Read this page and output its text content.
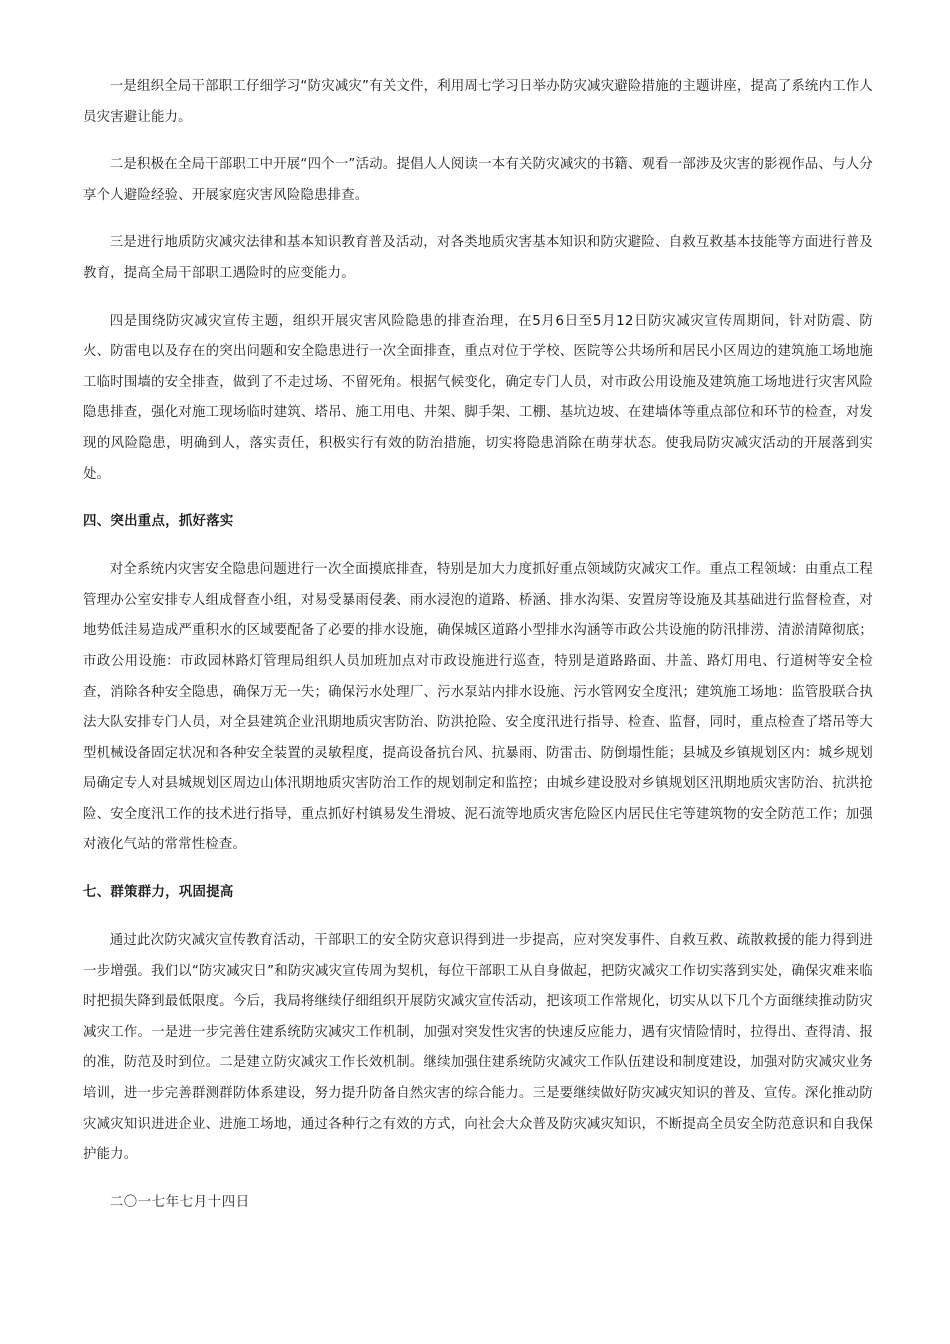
一是组织全局干部职工仔细学习“防灾减灾”有关文件，利用周七学习日举办防灾减灾避险措施的主题讲座，提高了系统内工作人员灾害避让能力。

二是积极在全局干部职工中开展“四个一”活动。提倡人人阅读一本有关防灾减灾的书籍、观看一部涉及灾害的影视作品、与人分享个人避险经验、开展家庭灾害风险隐患排查。

三是进行地质防灾减灾法律和基本知识教育普及活动，对各类地质灾害基本知识和防灾避险、自救互救基本技能等方面进行普及教育，提高全局干部职工遇险时的应变能力。

四是围绕防灾减灾宣传主题，组织开展灾害风险隐患的排查治理，在5月6日至5月12日防灾减灾宣传周期间，针对防震、防火、防雷电以及存在的突出问题和安全隐患进行一次全面排查，重点对位于学校、医院等公共场所和居民小区周边的建筑施工场地施工临时围墙的安全排查，做到了不走过场、不留死角。根据气候变化，确定专门人员，对市政公用设施及建筑施工场地进行灾害风险隐患排查，强化对施工现场临时建筑、塔吊、施工用电、井架、脚手架、工棚、基坑边坡、在建墙体等重点部位和环节的检查，对发现的风险隐患，明确到人，落实责任，积极实行有效的防治措施，切实将隐患消除在萌芽状态。使我局防灾减灾活动的开展落到实处。

四、突出重点，抓好落实

对全系统内灾害安全隐患问题进行一次全面摸底排查，特别是加大力度抓好重点领域防灾减灾工作。重点工程领域：由重点工程管理办公室安排专人组成督查小组，对易受暴雨侵袭、雨水浸泡的道路、桥涵、排水沟渠、安置房等设施及其基础进行监督检查，对地势低洼易造成严重积水的区域要配备了必要的排水设施，确保城区道路小型排水沟涵等市政公共设施的防汛排涝、清淤清障彻底；市政公用设施：市政园林路灯管理局组织人员加班加点对市政设施进行巡查，特别是道路路面、井盖、路灯用电、行道树等安全检查，消除各种安全隐患，确保万无一失；确保污水处理厂、污水泵站内排水设施、污水管网安全度汛；建筑施工场地：监管股联合执法大队安排专门人员，对全县建筑企业汛期地质灾害防治、防洪抢险、安全度汛进行指导、检查、监督，同时，重点检查了塔吊等大型机械设备固定状况和各种安全装置的灵敏程度，提高设备抗台风、抗暴雨、防雷击、防倒塌性能；县城及乡镇规划区内：城乡规划局确定专人对县城规划区周边山体汛期地质灾害防治工作的规划制定和监控；由城乡建设股对乡镇规划区汛期地质灾害防治、抗洪抢险、安全度汛工作的技术进行指导，重点抓好村镇易发生滑坡、泥石流等地质灾害危险区内居民住宅等建筑物的安全防范工作；加强对液化气站的常常性检查。

七、群策群力，巩固提高

通过此次防灾减灾宣传教育活动，干部职工的安全防灾意识得到进一步提高，应对突发事件、自救互救、疏散救援的能力得到进一步增强。我们以“防灾减灾日”和防灾减灾宣传周为契机，每位干部职工从自身做起，把防灾减灾工作切实落到实处，确保灾难来临时把损失降到最低限度。今后，我局将继续仔细组织开展防灾减灾宣传活动，把该项工作常规化，切实从以下几个方面继续推动防灾减灾工作。一是进一步完善住建系统防灾减灾工作机制，加强对突发性灾害的快速反应能力，遇有灾情险情时，拉得出、查得清、报的准，防范及时到位。二是建立防灾减灾工作长效机制。继续加强住建系统防灾减灾工作队伍建设和制度建设，加强对防灾减灾业务培训，进一步完善群测群防体系建设，努力提升防备自然灾害的综合能力。三是要继续做好防灾减灾知识的普及、宣传。深化推动防灾减灾知识进进企业、进施工场地，通过各种行之有效的方式，向社会大众普及防灾减灾知识，不断提高全员安全防范意识和自我保护能力。

二〇一七年七月十四日
